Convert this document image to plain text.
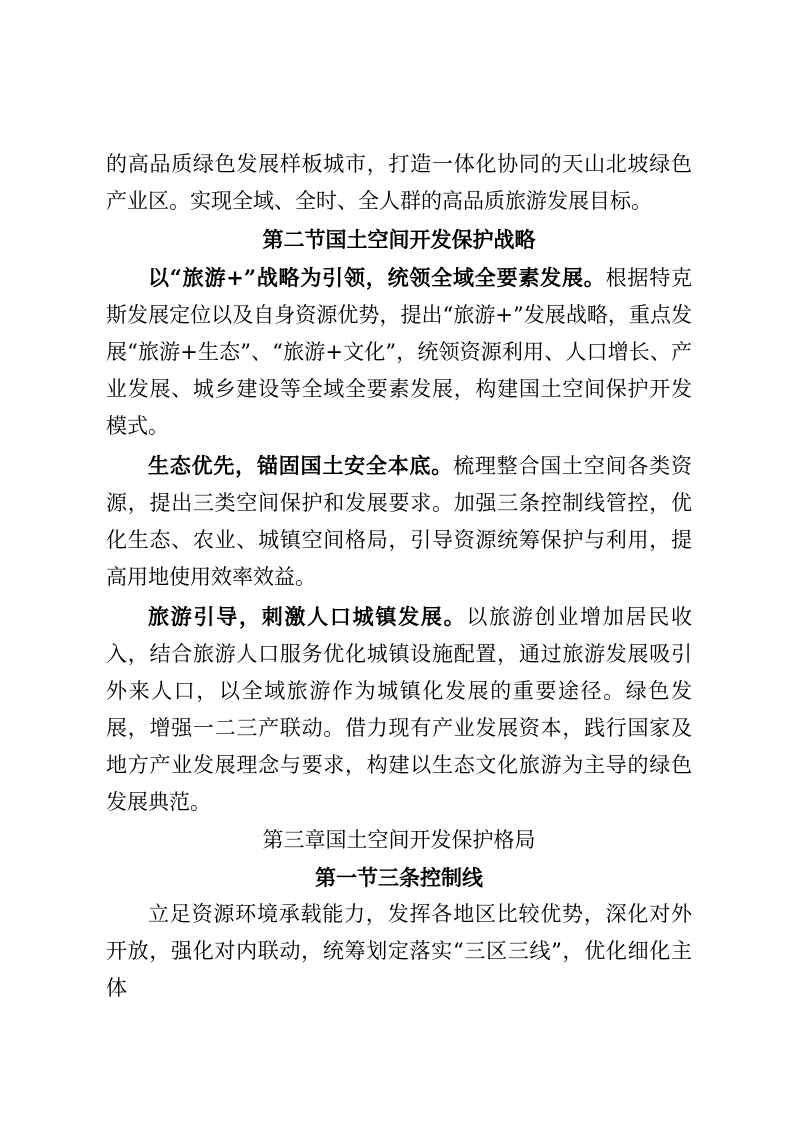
的高品质绿色发展样板城市，打造一体化协同的天山北坡绿色产业区。实现全域、全时、全人群的高品质旅游发展目标。

第二节国土空间开发保护战略

以“旅游+”战略为引领，统领全域全要素发展。根据特克斯发展定位以及自身资源优势，提出“旅游+”发展战略，重点发展“旅游+生态”、“旅游+文化”，统领资源利用、人口增长、产业发展、城乡建设等全域全要素发展，构建国土空间保护开发模式。

生态优先，锚固国土安全本底。梳理整合国土空间各类资源，提出三类空间保护和发展要求。加强三条控制线管控，优化生态、农业、城镇空间格局，引导资源统筹保护与利用，提高用地使用效率效益。

旅游引导，刺激人口城镇发展。以旅游创业增加居民收入，结合旅游人口服务优化城镇设施配置，通过旅游发展吸引外来人口，以全域旅游作为城镇化发展的重要途径。绿色发展，增强一二三产联动。借力现有产业发展资本，践行国家及地方产业发展理念与要求，构建以生态文化旅游为主导的绿色发展典范。

第三章国土空间开发保护格局

第一节三条控制线

立足资源环境承载能力，发挥各地区比较优势，深化对外开放，强化对内联动，统筹划定落实“三区三线”，优化细化主体
